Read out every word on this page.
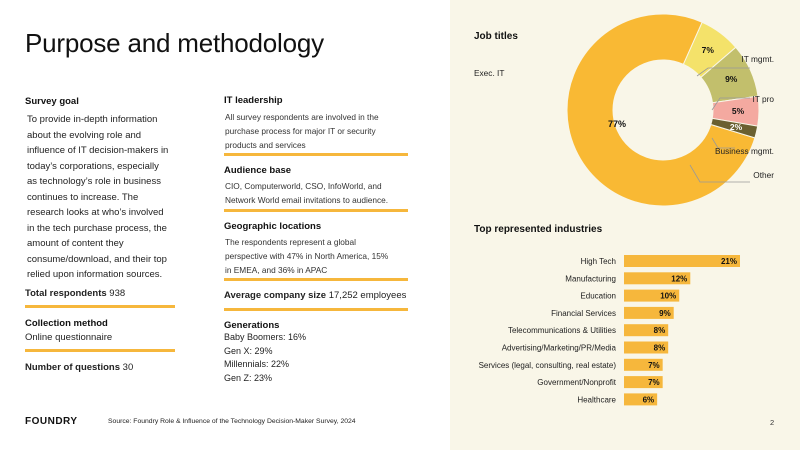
Purpose and methodology
Survey goal
To provide in-depth information
about the evolving role and
influence of IT decision-makers in
today’s corporations, especially
as technology’s role in business
continues to increase. The
research looks at who’s involved
in the tech purchase process, the
amount of content they
consume/download, and their top
relied upon information sources.
Total respondents 938
Collection method
Online questionnaire
Number of questions 30
IT leadership
All survey respondents are involved in the
purchase process for major IT or security
products and services
Audience base
CIO, Computerworld, CSO, InfoWorld, and
Network World email invitations to audience.
Geographic locations
The respondents represent a global
perspective with 47% in North America, 15%
in EMEA, and 36% in APAC
Average company size 17,252 employees
Generations
Baby Boomers: 16%
Gen X: 29%
Millennials: 22%
Gen Z: 23%
FOUNDRY	Source: Foundry Role & Influence of the Technology Decision-Maker Survey, 2024	2
Job titles
Top represented industries
77%
7%
9%
5%
2%
Exec. IT
IT mgmt.
IT pro
Business mgmt.
Other
High Tech	21%
Manufacturing	12%
Education	10%
Financial Services	9%
Telecommunications & Utilities	8%
Advertising/Marketing/PR/Media	8%
Services (legal, consulting, real estate)	7%
Government/Nonprofit	7%
Healthcare	6%
